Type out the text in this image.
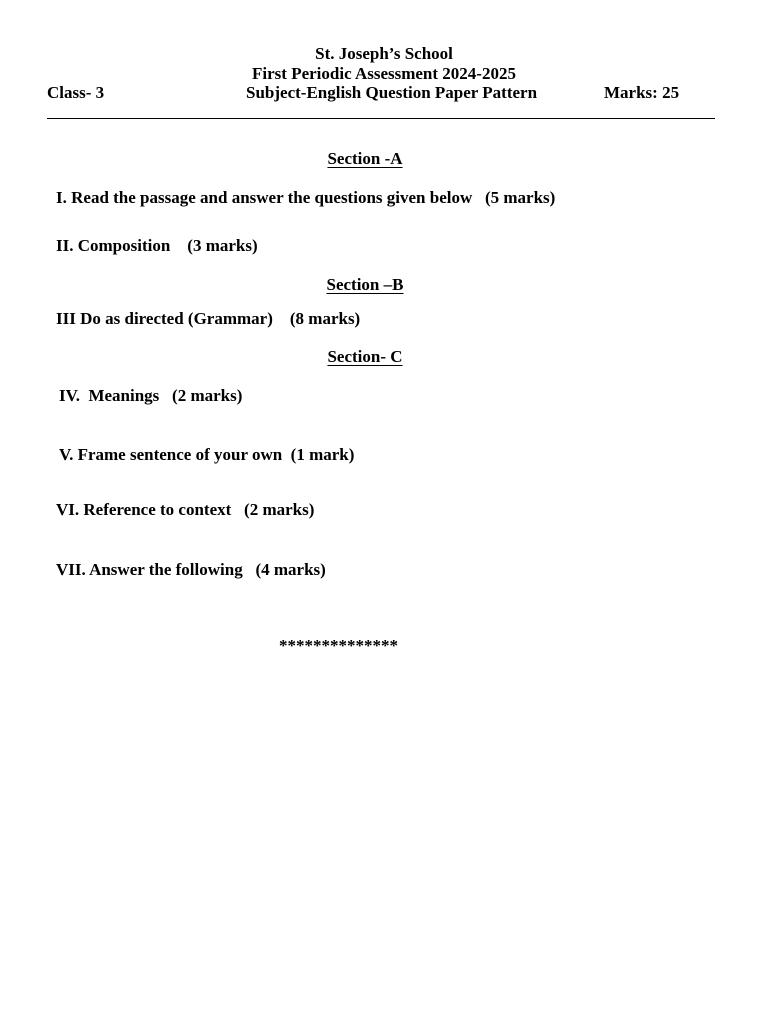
St. Joseph’s School
First Periodic Assessment 2024-2025
Class- 3	Subject-English Question Paper Pattern	Marks: 25
Section -A
I. Read the passage and answer the questions given below   (5 marks)
II. Composition    (3 marks)
Section –B
III Do as directed (Grammar)    (8 marks)
Section- C
IV.  Meanings   (2 marks)
V. Frame sentence of your own  (1 mark)
VI. Reference to context   (2 marks)
VII. Answer the following   (4 marks)
**************
